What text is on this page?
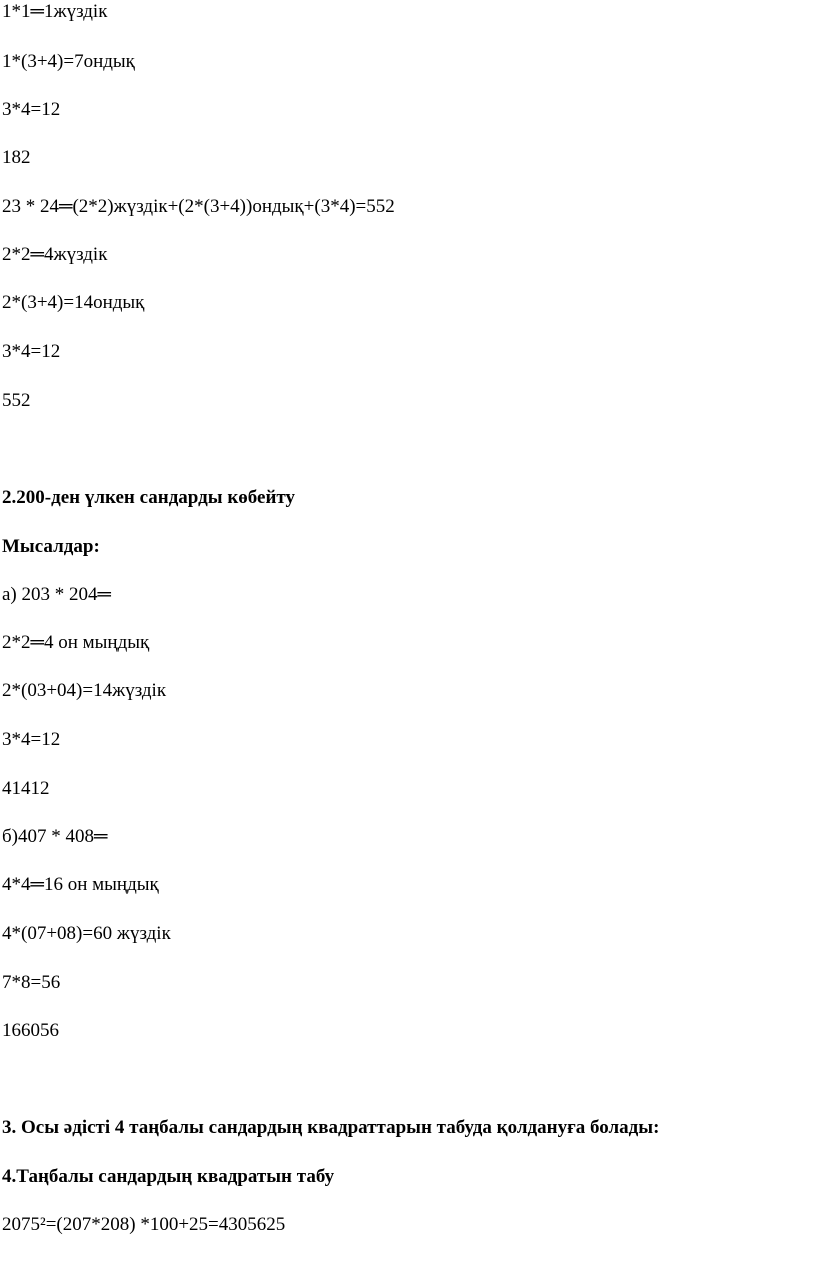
1*1═1жүздік
1*(3+4)=7ондық
3*4=12
182
23 * 24═(2*2)жүздік+(2*(3+4))ондық+(3*4)=552
2*2═4жүздік
2*(3+4)=14ондық
3*4=12
552
2.200-ден үлкен сандарды көбейту
Мысалдар:
а) 203 * 204═
2*2═4 он мыңдық
2*(03+04)=14жүздік
3*4=12
41412
б)407 * 408═
4*4═16 он мыңдық
4*(07+08)=60 жүздік
7*8=56
166056
3. Осы әдісті 4 таңбалы сандардың квадраттарын табуда қолдануға болады:
4.Таңбалы сандардың квадратын табу
2075²=(207*208) *100+25=4305625
